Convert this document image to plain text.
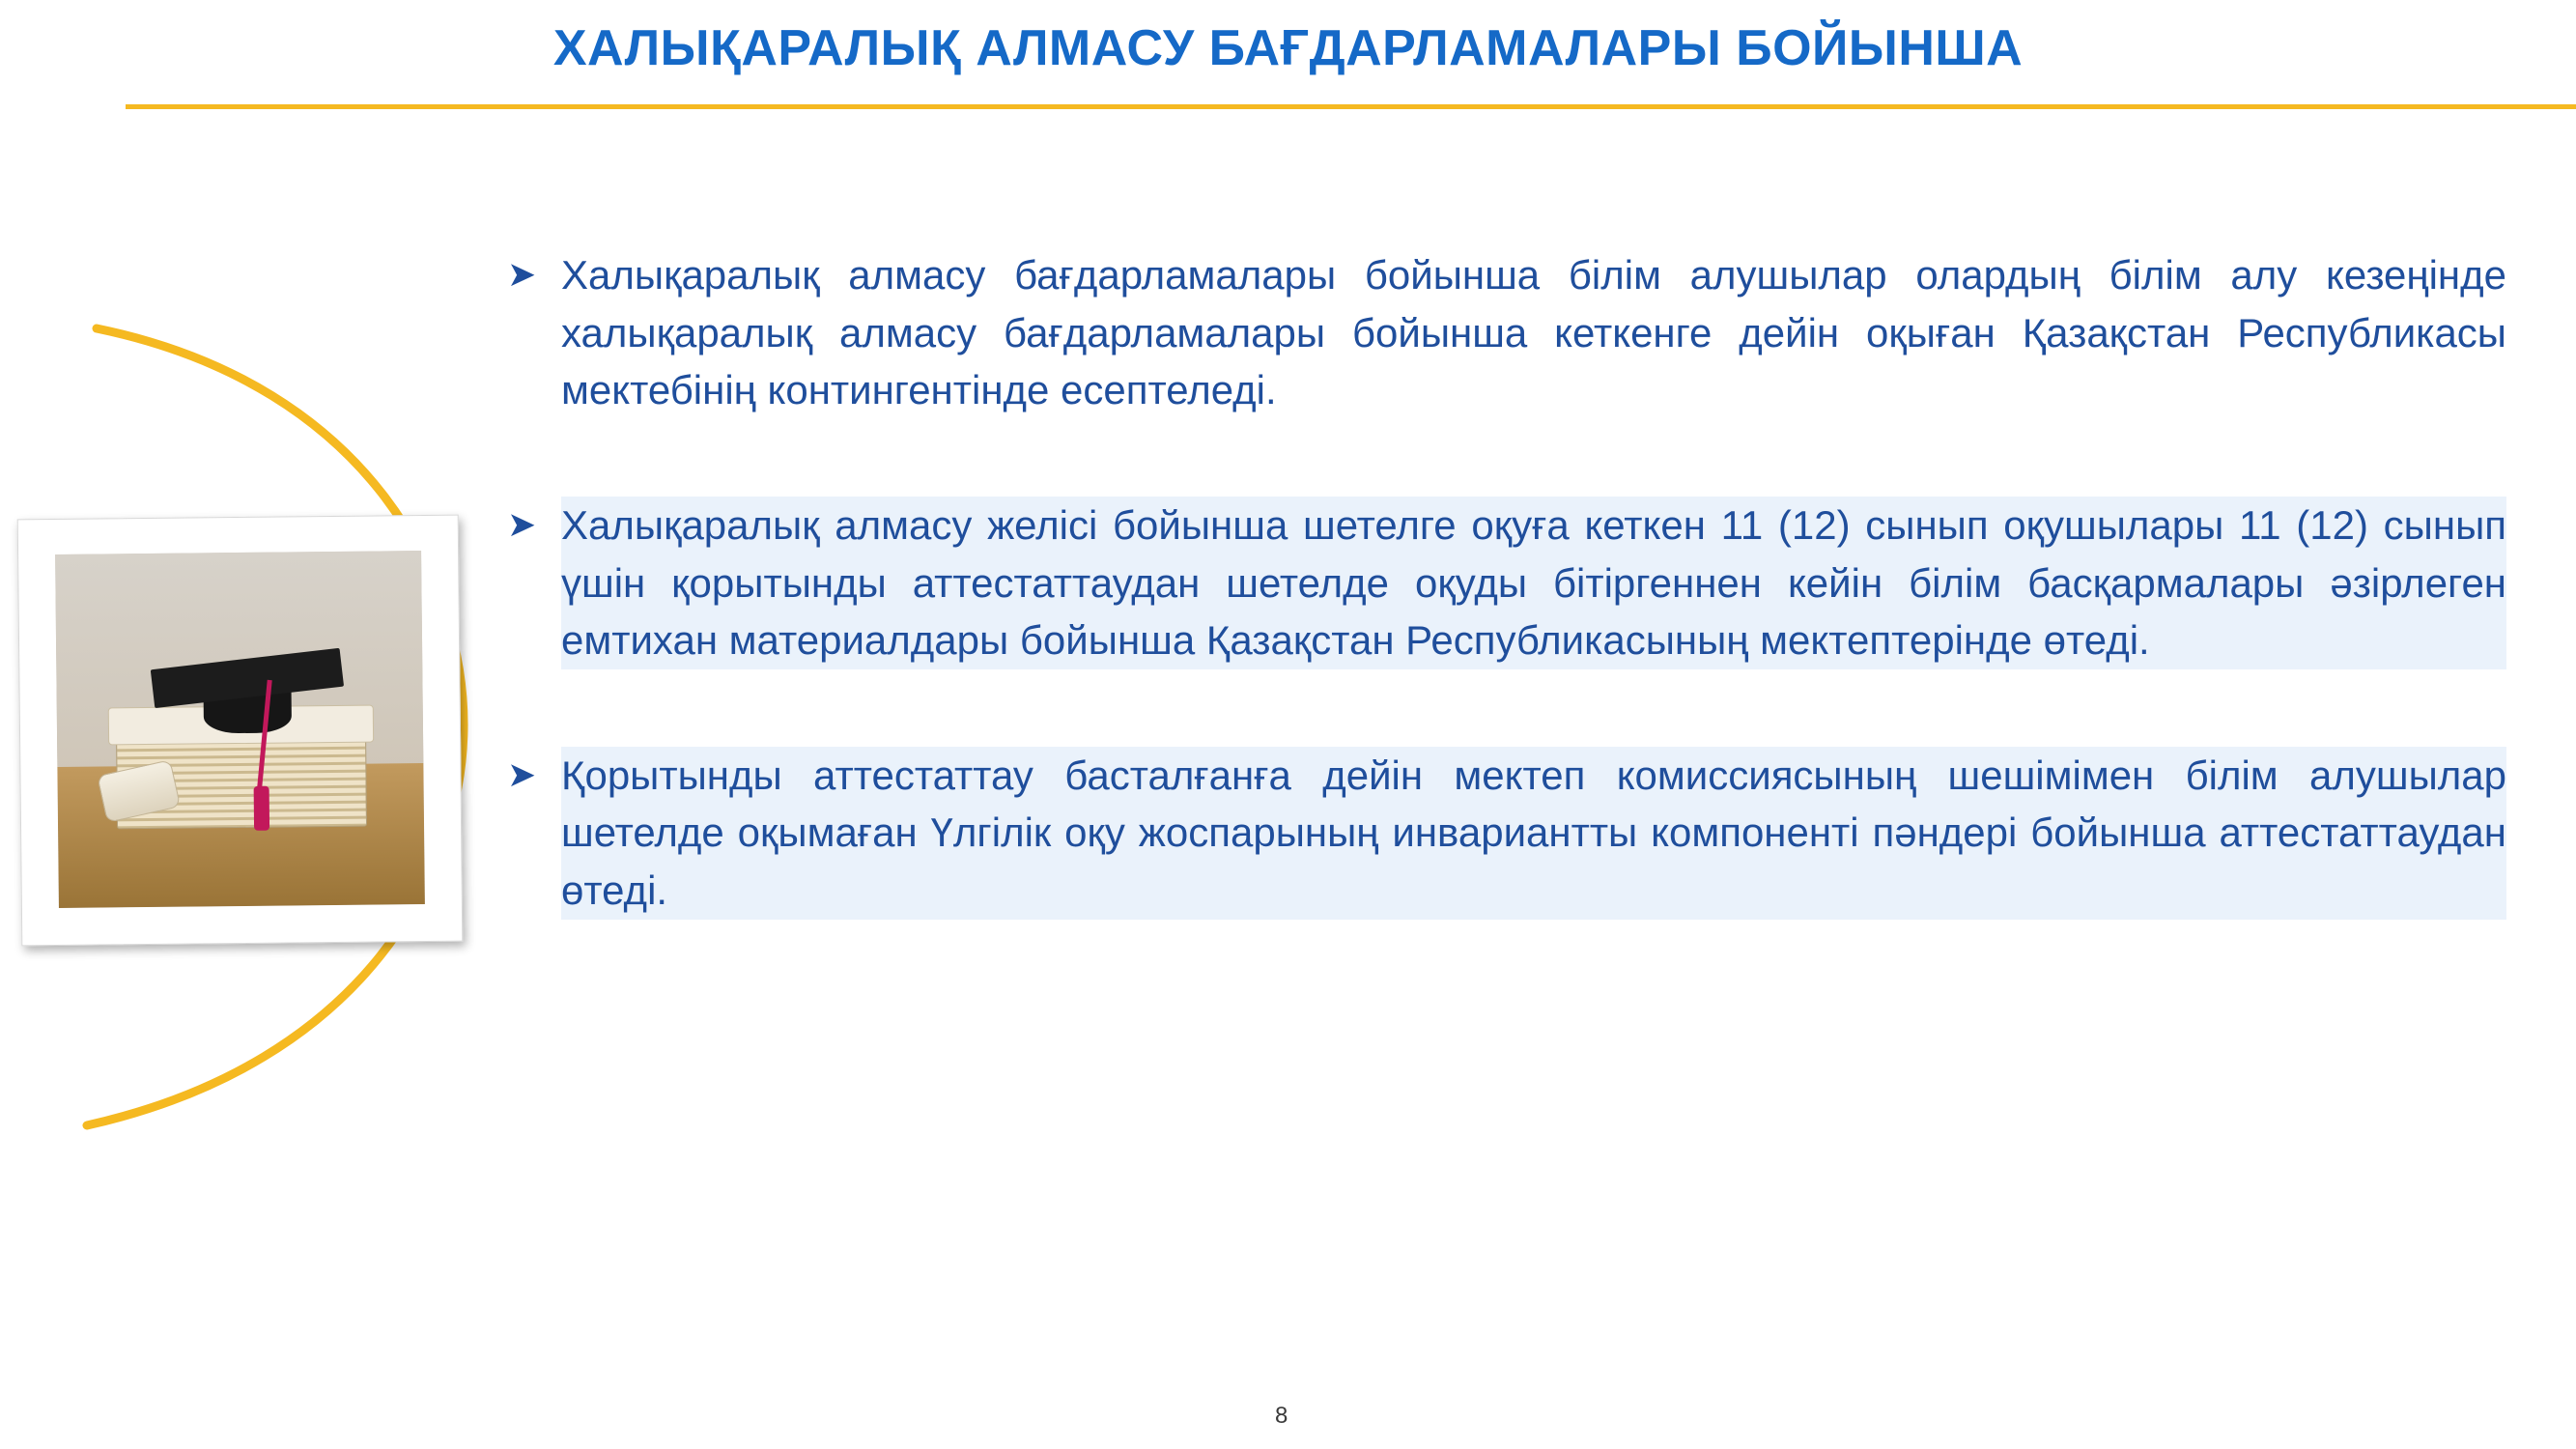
ХАЛЫҚАРАЛЫҚ АЛМАСУ БАҒДАРЛАМАЛАРЫ БОЙЫНША
➤ Халықаралық алмасу бағдарламалары бойынша білім алушылар олардың білім алу кезеңінде халықаралық алмасу бағдарламалары бойынша кеткенге дейін оқыған Қазақстан Республикасы мектебінің контингентінде есептеледі.
➤ Халықаралық алмасу желісі бойынша шетелге оқуға кеткен 11 (12) сынып оқушылары 11 (12) сынып үшін қорытынды аттестаттаудан шетелде оқуды бітіргеннен кейін білім басқармалары әзірлеген емтихан материалдары бойынша Қазақстан Республикасының мектептерінде өтеді.
➤ Қорытынды аттестаттау басталғанға дейін мектеп комиссиясының шешімімен білім алушылар шетелде оқымаған Үлгілік оқу жоспарының инвариантты компоненті пәндері бойынша аттестаттаудан өтеді.
8
